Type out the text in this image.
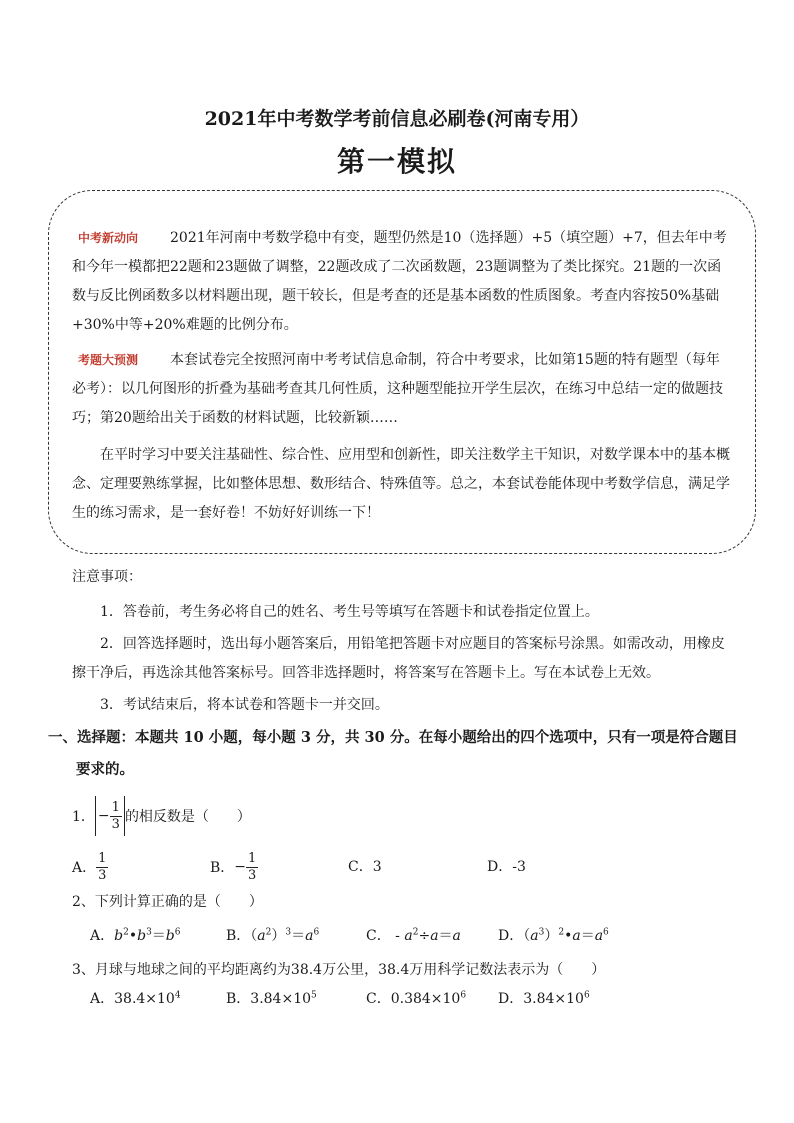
2021年中考数学考前信息必刷卷(河南专用）
第一模拟
中考新动向 2021年河南中考数学稳中有变，题型仍然是10（选择题）+5（填空题）+7，但去年中考和今年一模都把22题和23题做了调整，22题改成了二次函数题，23题调整为了类比探究。21题的一次函数与反比例函数多以材料题出现，题干较长，但是考查的还是基本函数的性质图象。考查内容按50%基础+30%中等+20%难题的比例分布。
考题大预测 本套试卷完全按照河南中考考试信息命制，符合中考要求，比如第15题的特有题型（每年必考）：以几何图形的折叠为基础考查其几何性质，这种题型能拉开学生层次，在练习中总结一定的做题技巧；第20题给出关于函数的材料试题，比较新颖……
在平时学习中要关注基础性、综合性、应用型和创新性，即关注数学主干知识，对数学课本中的基本概念、定理要熟练掌握，比如整体思想、数形结合、特殊值等。总之，本套试卷能体现中考数学信息，满足学生的练习需求，是一套好卷！不妨好好训练一下！
注意事项：
1．答卷前，考生务必将自己的姓名、考生号等填写在答题卡和试卷指定位置上。
2．回答选择题时，选出每小题答案后，用铅笔把答题卡对应题目的答案标号涂黑。如需改动，用橡皮擦干净后，再选涂其他答案标号。回答非选择题时，将答案写在答题卡上。写在本试卷上无效。
3．考试结束后，将本试卷和答题卡一并交回。
一、选择题：本题共 10 小题，每小题 3 分，共 30 分。在每小题给出的四个选项中，只有一项是符合题目
要求的。
1． − $\frac{1}{3}$ 的相反数是（　　）
A． $\frac{1}{3}$	B． − $\frac{1}{3}$	C．3	D．-3
2、下列计算正确的是（　　）
A．$b^2•b^3=b^6$	B．$(a^2)^3=a^6$	C． - $a^2\div a=a$	D．$(a^3)^2•a=a^6$
3、月球与地球之间的平均距离约为38.4万公里，38.4万用科学记数法表示为（　　）
A．$38.4\times 10^4$	B．$3.84\times 10^5$	C．$0.384\times 10^6$ D．$3.84\times 10^6$
